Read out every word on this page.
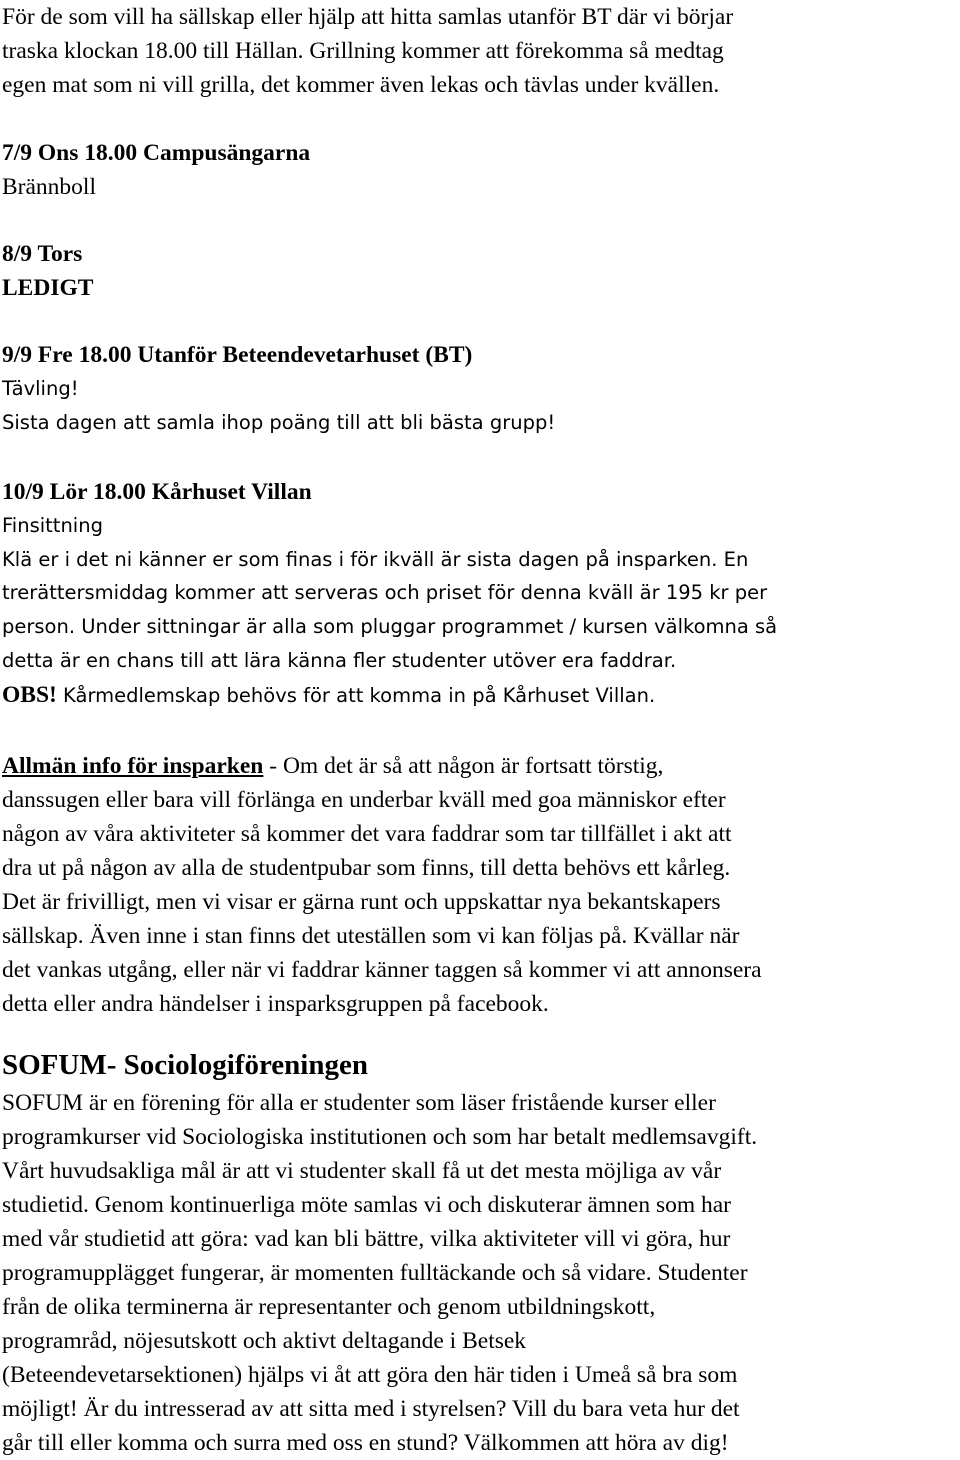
För de som vill ha sällskap eller hjälp att hitta samlas utanför BT där vi börjar
traska klockan 18.00 till Hällan. Grillning kommer att förekomma så medtag
egen mat som ni vill grilla, det kommer även lekas och tävlas under kvällen.
7/9 Ons 18.00 Campusängarna
Brännboll
8/9 Tors
LEDIGT
9/9 Fre 18.00 Utanför Beteendevetarhuset (BT)
Tävling!
Sista dagen att samla ihop poäng till att bli bästa grupp!
10/9 Lör 18.00 Kårhuset Villan
Finsittning
Klä er i det ni känner er som finas i för ikväll är sista dagen på insparken. En
trerättersmiddag kommer att serveras och priset för denna kväll är 195 kr per
person. Under sittningar är alla som pluggar programmet / kursen välkomna så
detta är en chans till att lära känna fler studenter utöver era faddrar.
OBS! Kårmedlemskap behövs för att komma in på Kårhuset Villan.
Allmän info för insparken - Om det är så att någon är fortsatt törstig,
danssugen eller bara vill förlänga en underbar kväll med goa människor efter
någon av våra aktiviteter så kommer det vara faddrar som tar tillfället i akt att
dra ut på någon av alla de studentpubar som finns, till detta behövs ett kårleg.
Det är frivilligt, men vi visar er gärna runt och uppskattar nya bekantskapers
sällskap. Även inne i stan finns det uteställen som vi kan följas på. Kvällar när
det vankas utgång, eller när vi faddrar känner taggen så kommer vi att annonsera
detta eller andra händelser i insparksgruppen på facebook.
SOFUM- Sociologiföreningen
SOFUM är en förening för alla er studenter som läser fristående kurser eller
programkurser vid Sociologiska institutionen och som har betalt medlemsavgift.
Vårt huvudsakliga mål är att vi studenter skall få ut det mesta möjliga av vår
studietid. Genom kontinuerliga möte samlas vi och diskuterar ämnen som har
med vår studietid att göra: vad kan bli bättre, vilka aktiviteter vill vi göra, hur
programupplägget fungerar, är momenten fulltäckande och så vidare. Studenter
från de olika terminerna är representanter och genom utbildningskott,
programråd, nöjesutskott och aktivt deltagande i Betsek
(Beteendevetarsektionen) hjälps vi åt att göra den här tiden i Umeå så bra som
möjligt! Är du intresserad av att sitta med i styrelsen? Vill du bara veta hur det
går till eller komma och surra med oss en stund? Välkommen att höra av dig!
